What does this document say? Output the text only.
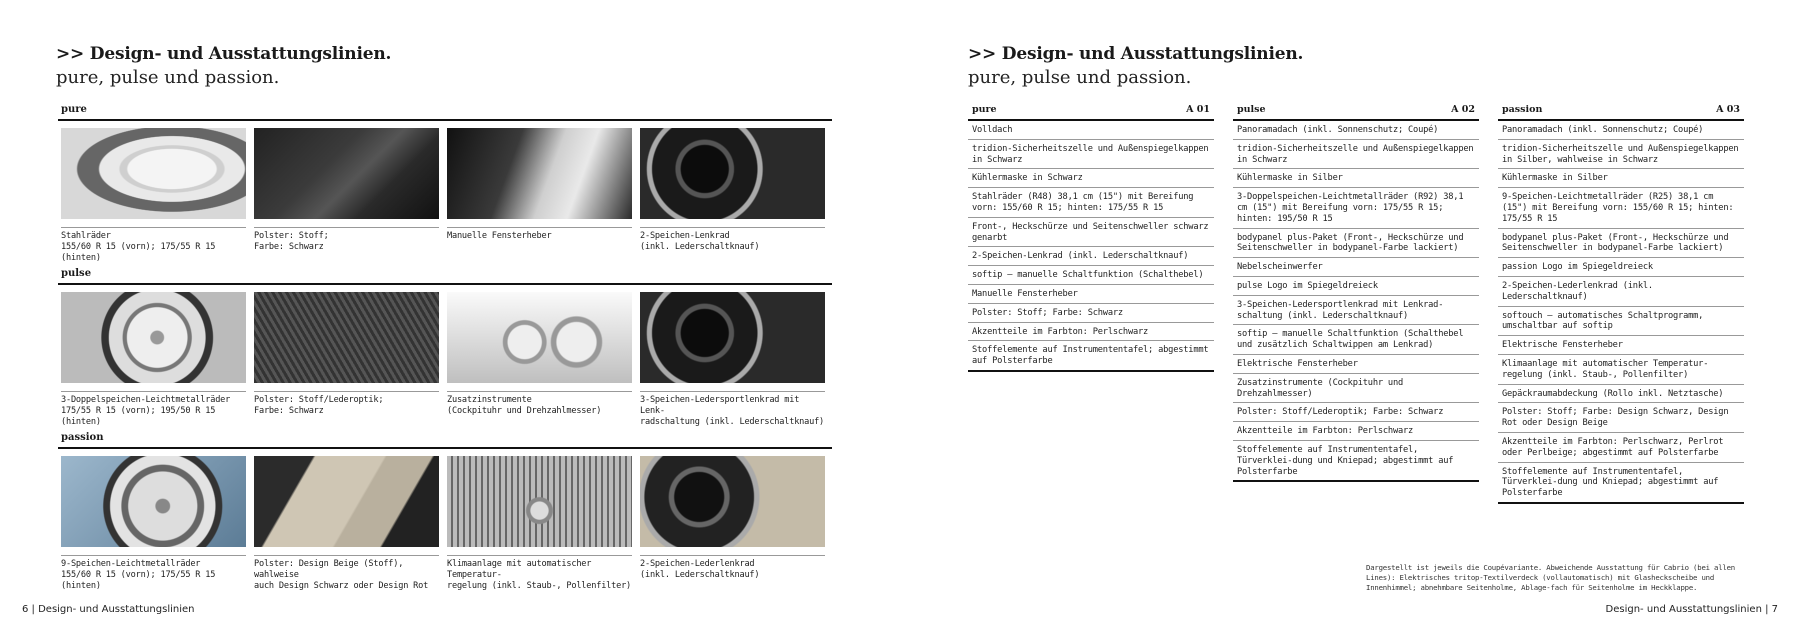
>> Design- und Ausstattungslinien.
pure, pulse und passion.
>> Design- und Ausstattungslinien.
pure, pulse und passion.
pure
Stahlräder
155/60 R 15 (vorn); 175/55 R 15 (hinten)
Polster: Stoff;
Farbe: Schwarz
Manuelle Fensterheber	2-Speichen-Lenkrad
(inkl. Lederschaltknauf)
pulse
3-Doppelspeichen-Leichtmetallräder
175/55 R 15 (vorn); 195/50 R 15 (hinten)
Polster: Stoff/Lederoptik;
Farbe: Schwarz
Zusatzinstrumente
(Cockpituhr und Drehzahlmesser)
3-Speichen-Ledersportlenkrad mit Lenk-
radschaltung (inkl. Lederschaltknauf)
passion
9-Speichen-Leichtmetallräder
155/60 R 15 (vorn); 175/55 R 15 (hinten)
Polster: Design Beige (Stoff), wahlweise
auch Design Schwarz oder Design Rot
Klimaanlage mit automatischer Temperatur-
regelung (inkl. Staub-, Pollenfilter)
2-Speichen-Lederlenkrad
(inkl. Lederschaltknauf)
pure	A 01
Volldach
tridion-Sicherheitszelle und Außenspiegelkappen in Schwarz
Kühlermaske in Schwarz
Stahlräder (R48) 38,1 cm (15") mit Bereifung vorn: 155/60 R 15; hinten: 175/55 R 15
Front-, Heckschürze und Seitenschweller schwarz genarbt
2-Speichen-Lenkrad (inkl. Lederschaltknauf)
softip – manuelle Schaltfunktion (Schalthebel)
Manuelle Fensterheber
Polster: Stoff; Farbe: Schwarz
Akzentteile im Farbton: Perlschwarz
Stoffelemente auf Instrumententafel; abgestimmt auf Polsterfarbe
pulse	A 02
Panoramadach (inkl. Sonnenschutz; Coupé)
tridion-Sicherheitszelle und Außenspiegelkappen in Schwarz
Kühlermaske in Silber
3-Doppelspeichen-Leichtmetallräder (R92) 38,1 cm (15") mit Bereifung vorn: 175/55 R 15; hinten: 195/50 R 15
bodypanel plus-Paket (Front-, Heckschürze und Seitenschweller in bodypanel-Farbe lackiert)
Nebelscheinwerfer
pulse Logo im Spiegeldreieck
3-Speichen-Ledersportlenkrad mit Lenkrad-schaltung (inkl. Lederschaltknauf)
softip – manuelle Schaltfunktion (Schalthebel und zusätzlich Schaltwippen am Lenkrad)
Elektrische Fensterheber
Zusatzinstrumente (Cockpituhr und Drehzahlmesser)
Polster: Stoff/Lederoptik; Farbe: Schwarz
Akzentteile im Farbton: Perlschwarz
Stoffelemente auf Instrumententafel, Türverklei-dung und Kniepad; abgestimmt auf Polsterfarbe
passion	A 03
Panoramadach (inkl. Sonnenschutz; Coupé)
tridion-Sicherheitszelle und Außenspiegelkappen in Silber, wahlweise in Schwarz
Kühlermaske in Silber
9-Speichen-Leichtmetallräder (R25) 38,1 cm (15") mit Bereifung vorn: 155/60 R 15; hinten: 175/55 R 15
bodypanel plus-Paket (Front-, Heckschürze und Seitenschweller in bodypanel-Farbe lackiert)
passion Logo im Spiegeldreieck
2-Speichen-Lederlenkrad (inkl. Lederschaltknauf)
softouch – automatisches Schaltprogramm, umschaltbar auf softip
Elektrische Fensterheber
Klimaanlage mit automatischer Temperatur-regelung (inkl. Staub-, Pollenfilter)
Gepäckraumabdeckung (Rollo inkl. Netztasche)
Polster: Stoff; Farbe: Design Schwarz, Design Rot oder Design Beige
Akzentteile im Farbton: Perlschwarz, Perlrot oder Perlbeige; abgestimmt auf Polsterfarbe
Stoffelemente auf Instrumententafel, Türverklei-dung und Kniepad; abgestimmt auf Polsterfarbe
Dargestellt ist jeweils die Coupévariante. Abweichende Ausstattung für Cabrio (bei allen Lines): Elektrisches tritop-Textilverdeck (vollautomatisch) mit Glasheckscheibe und Innenhimmel; abnehmbare Seitenholme, Ablage-fach für Seitenholme im Heckklappe.
6 | Design- und Ausstattungslinien	Design- und Ausstattungslinien | 7
